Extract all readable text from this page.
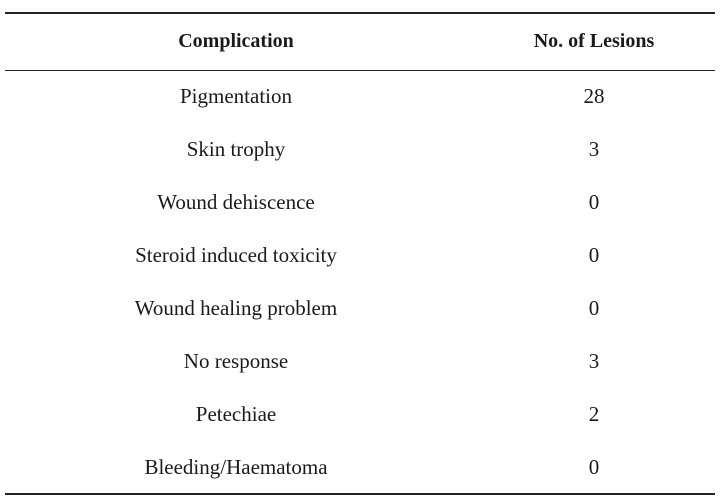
Complication	No. of Lesions
Pigmentation	28
Skin trophy	3
Wound dehiscence	0
Steroid induced toxicity	0
Wound healing problem	0
No response	3
Petechiae	2
Bleeding/Haematoma	0
